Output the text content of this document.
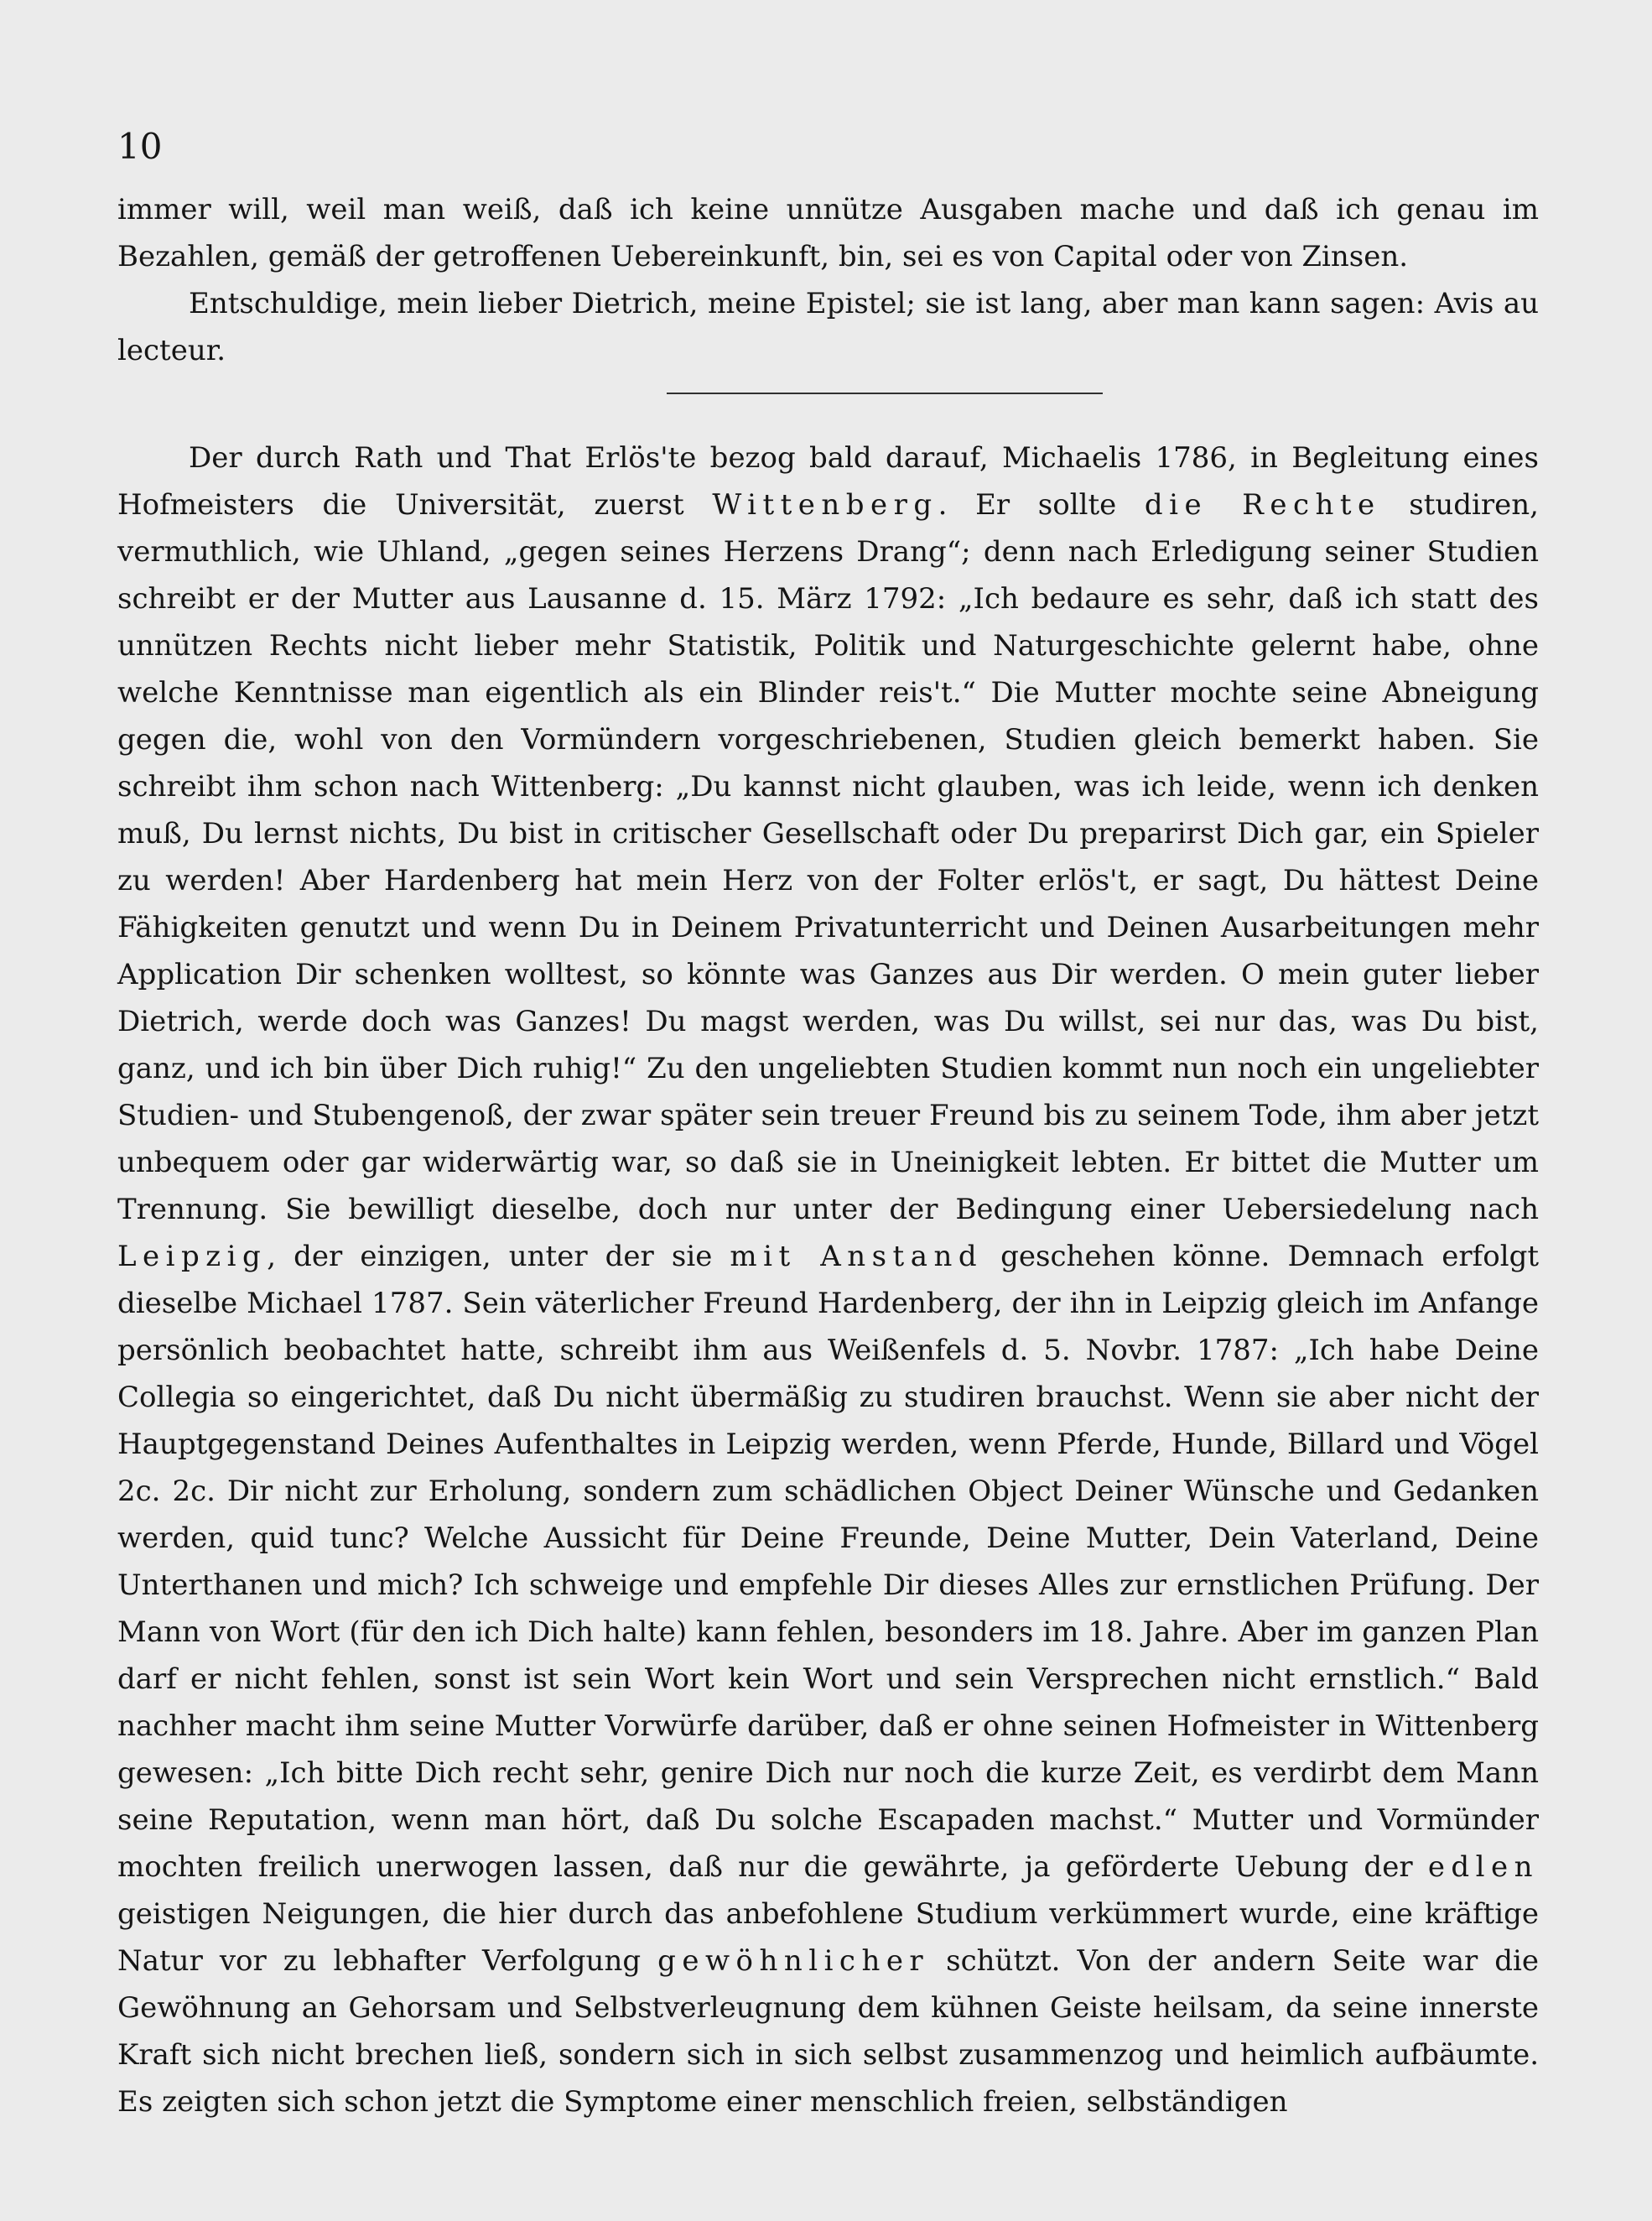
10

immer will, weil man weiß, daß ich keine unnütze Ausgaben mache und daß ich genau im Bezahlen, gemäß der getroffenen Uebereinkunft, bin, sei es von Capital oder von Zinsen.

Entschuldige, mein lieber Dietrich, meine Epistel; sie ist lang, aber man kann sagen: Avis au lecteur.

Der durch Rath und That Erlös'te bezog bald darauf, Michaelis 1786, in Begleitung eines Hofmeisters die Universität, zuerst Wittenberg. Er sollte die Rechte studiren, vermuthlich, wie Uhland, „gegen seines Herzens Drang“; denn nach Erledigung seiner Studien schreibt er der Mutter aus Lausanne d. 15. März 1792: „Ich bedaure es sehr, daß ich statt des unnützen Rechts nicht lieber mehr Statistik, Politik und Naturgeschichte gelernt habe, ohne welche Kenntnisse man eigentlich als ein Blinder reis't.“ Die Mutter mochte seine Abneigung gegen die, wohl von den Vormündern vorgeschriebenen, Studien gleich bemerkt haben. Sie schreibt ihm schon nach Wittenberg: „Du kannst nicht glauben, was ich leide, wenn ich denken muß, Du lernst nichts, Du bist in critischer Gesellschaft oder Du preparirst Dich gar, ein Spieler zu werden! Aber Hardenberg hat mein Herz von der Folter erlös't, er sagt, Du hättest Deine Fähigkeiten genutzt und wenn Du in Deinem Privatunterricht und Deinen Ausarbeitungen mehr Application Dir schenken wolltest, so könnte was Ganzes aus Dir werden. O mein guter lieber Dietrich, werde doch was Ganzes! Du magst werden, was Du willst, sei nur das, was Du bist, ganz, und ich bin über Dich ruhig!“ Zu den ungeliebten Studien kommt nun noch ein ungeliebter Studien- und Stubengenoß, der zwar später sein treuer Freund bis zu seinem Tode, ihm aber jetzt unbequem oder gar widerwärtig war, so daß sie in Uneinigkeit lebten. Er bittet die Mutter um Trennung. Sie bewilligt dieselbe, doch nur unter der Bedingung einer Uebersiedelung nach Leipzig, der einzigen, unter der sie mit Anstand geschehen könne. Demnach erfolgt dieselbe Michael 1787. Sein väterlicher Freund Hardenberg, der ihn in Leipzig gleich im Anfange persönlich beobachtet hatte, schreibt ihm aus Weißenfels d. 5. Novbr. 1787: „Ich habe Deine Collegia so eingerichtet, daß Du nicht übermäßig zu studiren brauchst. Wenn sie aber nicht der Hauptgegenstand Deines Aufenthaltes in Leipzig werden, wenn Pferde, Hunde, Billard und Vögel 2c. 2c. Dir nicht zur Erholung, sondern zum schädlichen Object Deiner Wünsche und Gedanken werden, quid tunc? Welche Aussicht für Deine Freunde, Deine Mutter, Dein Vaterland, Deine Unterthanen und mich? Ich schweige und empfehle Dir dieses Alles zur ernstlichen Prüfung. Der Mann von Wort (für den ich Dich halte) kann fehlen, besonders im 18. Jahre. Aber im ganzen Plan darf er nicht fehlen, sonst ist sein Wort kein Wort und sein Versprechen nicht ernstlich.“ Bald nachher macht ihm seine Mutter Vorwürfe darüber, daß er ohne seinen Hofmeister in Wittenberg gewesen: „Ich bitte Dich recht sehr, genire Dich nur noch die kurze Zeit, es verdirbt dem Mann seine Reputation, wenn man hört, daß Du solche Escapaden machst.“ Mutter und Vormünder mochten freilich unerwogen lassen, daß nur die gewährte, ja geförderte Uebung der edlen geistigen Neigungen, die hier durch das anbefohlene Studium verkümmert wurde, eine kräftige Natur vor zu lebhafter Verfolgung gewöhnlicher schützt. Von der andern Seite war die Gewöhnung an Gehorsam und Selbstverleugnung dem kühnen Geiste heilsam, da seine innerste Kraft sich nicht brechen ließ, sondern sich in sich selbst zusammenzog und heimlich aufbäumte. Es zeigten sich schon jetzt die Symptome einer menschlich freien, selbständigen
